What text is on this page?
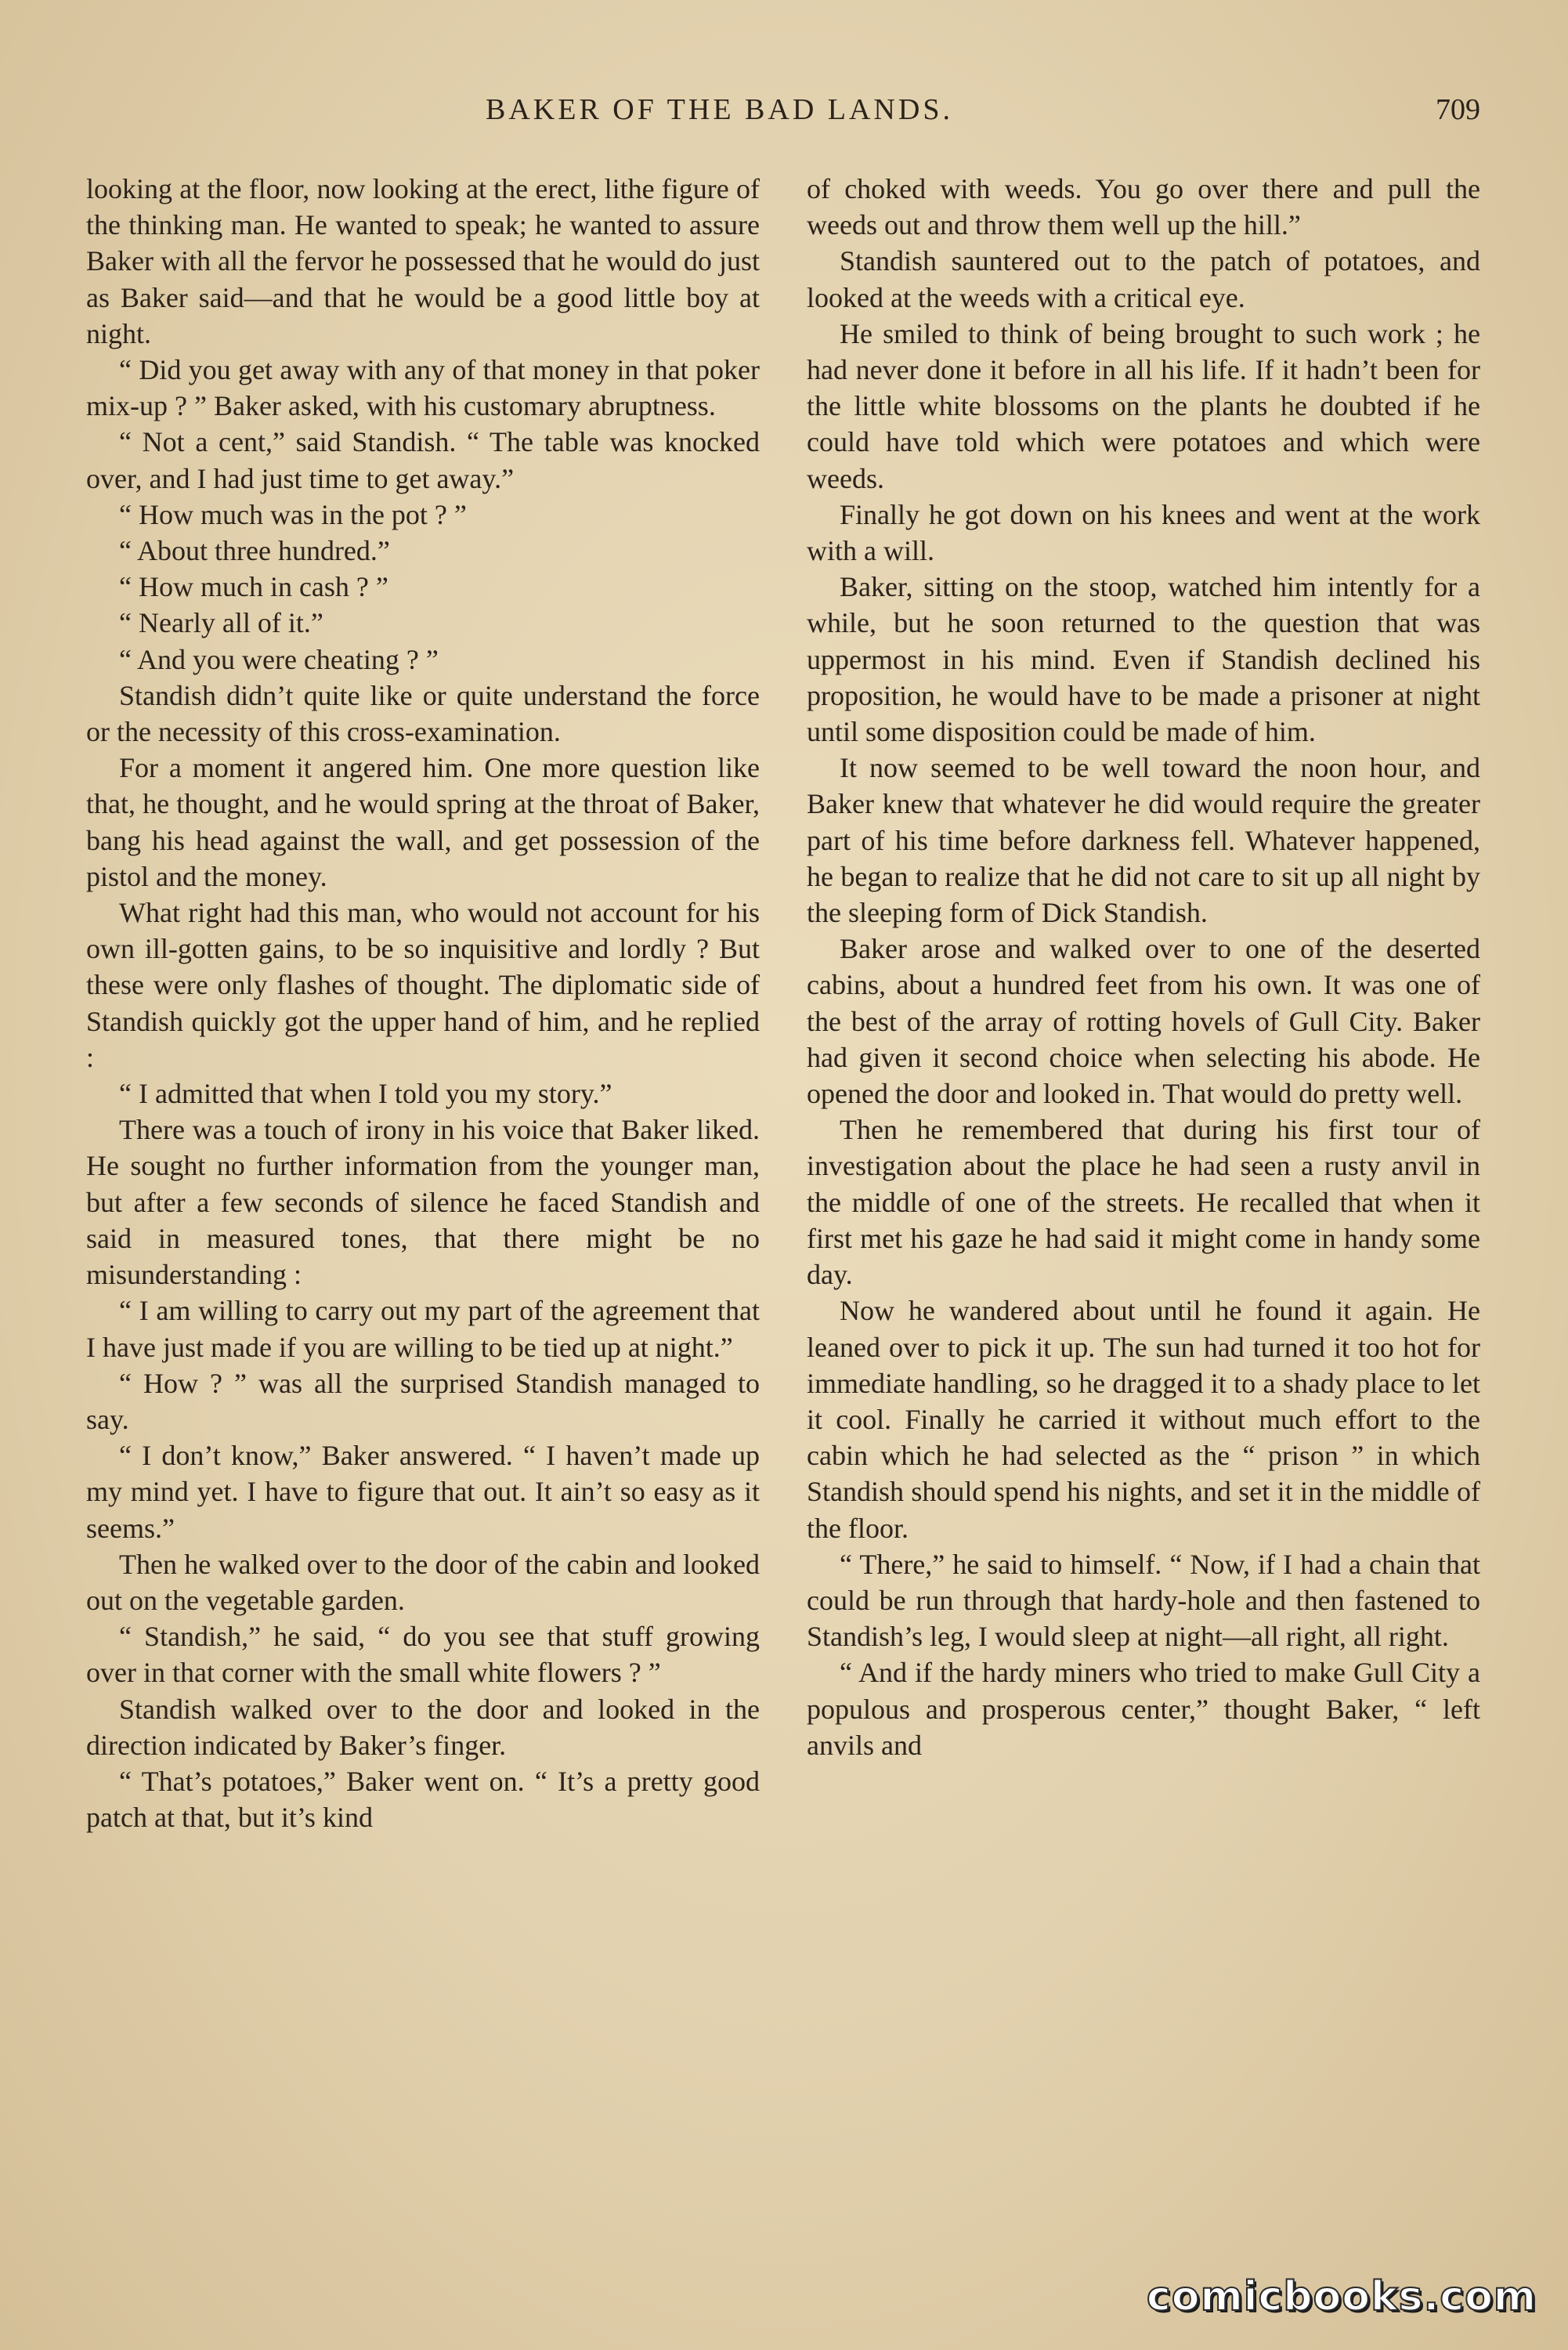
BAKER OF THE BAD LANDS.	709

looking at the floor, now looking at the erect, lithe figure of the thinking man. He wanted to speak; he wanted to assure Baker with all the fervor he possessed that he would do just as Baker said—and that he would be a good little boy at night.

“ Did you get away with any of that money in that poker mix-up ? ” Baker asked, with his customary abruptness.

“ Not a cent,” said Standish. “ The table was knocked over, and I had just time to get away.”

“ How much was in the pot ? ”

“ About three hundred.”

“ How much in cash ? ”

“ Nearly all of it.”

“ And you were cheating ? ”

Standish didn’t quite like or quite understand the force or the necessity of this cross-examination.

For a moment it angered him. One more question like that, he thought, and he would spring at the throat of Baker, bang his head against the wall, and get possession of the pistol and the money.

What right had this man, who would not account for his own ill-gotten gains, to be so inquisitive and lordly ? But these were only flashes of thought. The diplomatic side of Standish quickly got the upper hand of him, and he replied :

“ I admitted that when I told you my story.”

There was a touch of irony in his voice that Baker liked. He sought no further information from the younger man, but after a few seconds of silence he faced Standish and said in measured tones, that there might be no misunderstanding :

“ I am willing to carry out my part of the agreement that I have just made if you are willing to be tied up at night.”

“ How ? ” was all the surprised Standish managed to say.

“ I don’t know,” Baker answered. “ I haven’t made up my mind yet. I have to figure that out. It ain’t so easy as it seems.”

Then he walked over to the door of the cabin and looked out on the vegetable garden.

“ Standish,” he said, “ do you see that stuff growing over in that corner with the small white flowers ? ”

Standish walked over to the door and looked in the direction indicated by Baker’s finger.

“ That’s potatoes,” Baker went on. “ It’s a pretty good patch at that, but it’s kind

of choked with weeds. You go over there and pull the weeds out and throw them well up the hill.”

Standish sauntered out to the patch of potatoes, and looked at the weeds with a critical eye.

He smiled to think of being brought to such work ; he had never done it before in all his life. If it hadn’t been for the little white blossoms on the plants he doubted if he could have told which were potatoes and which were weeds.

Finally he got down on his knees and went at the work with a will.

Baker, sitting on the stoop, watched him intently for a while, but he soon returned to the question that was uppermost in his mind. Even if Standish declined his proposition, he would have to be made a prisoner at night until some disposition could be made of him.

It now seemed to be well toward the noon hour, and Baker knew that whatever he did would require the greater part of his time before darkness fell. Whatever happened, he began to realize that he did not care to sit up all night by the sleeping form of Dick Standish.

Baker arose and walked over to one of the deserted cabins, about a hundred feet from his own. It was one of the best of the array of rotting hovels of Gull City. Baker had given it second choice when selecting his abode. He opened the door and looked in. That would do pretty well.

Then he remembered that during his first tour of investigation about the place he had seen a rusty anvil in the middle of one of the streets. He recalled that when it first met his gaze he had said it might come in handy some day.

Now he wandered about until he found it again. He leaned over to pick it up. The sun had turned it too hot for immediate handling, so he dragged it to a shady place to let it cool. Finally he carried it without much effort to the cabin which he had selected as the “ prison ” in which Standish should spend his nights, and set it in the middle of the floor.

“ There,” he said to himself. “ Now, if I had a chain that could be run through that hardy-hole and then fastened to Standish’s leg, I would sleep at night—all right, all right.

“ And if the hardy miners who tried to make Gull City a populous and prosperous center,” thought Baker, “ left anvils and

comicbooks.com
